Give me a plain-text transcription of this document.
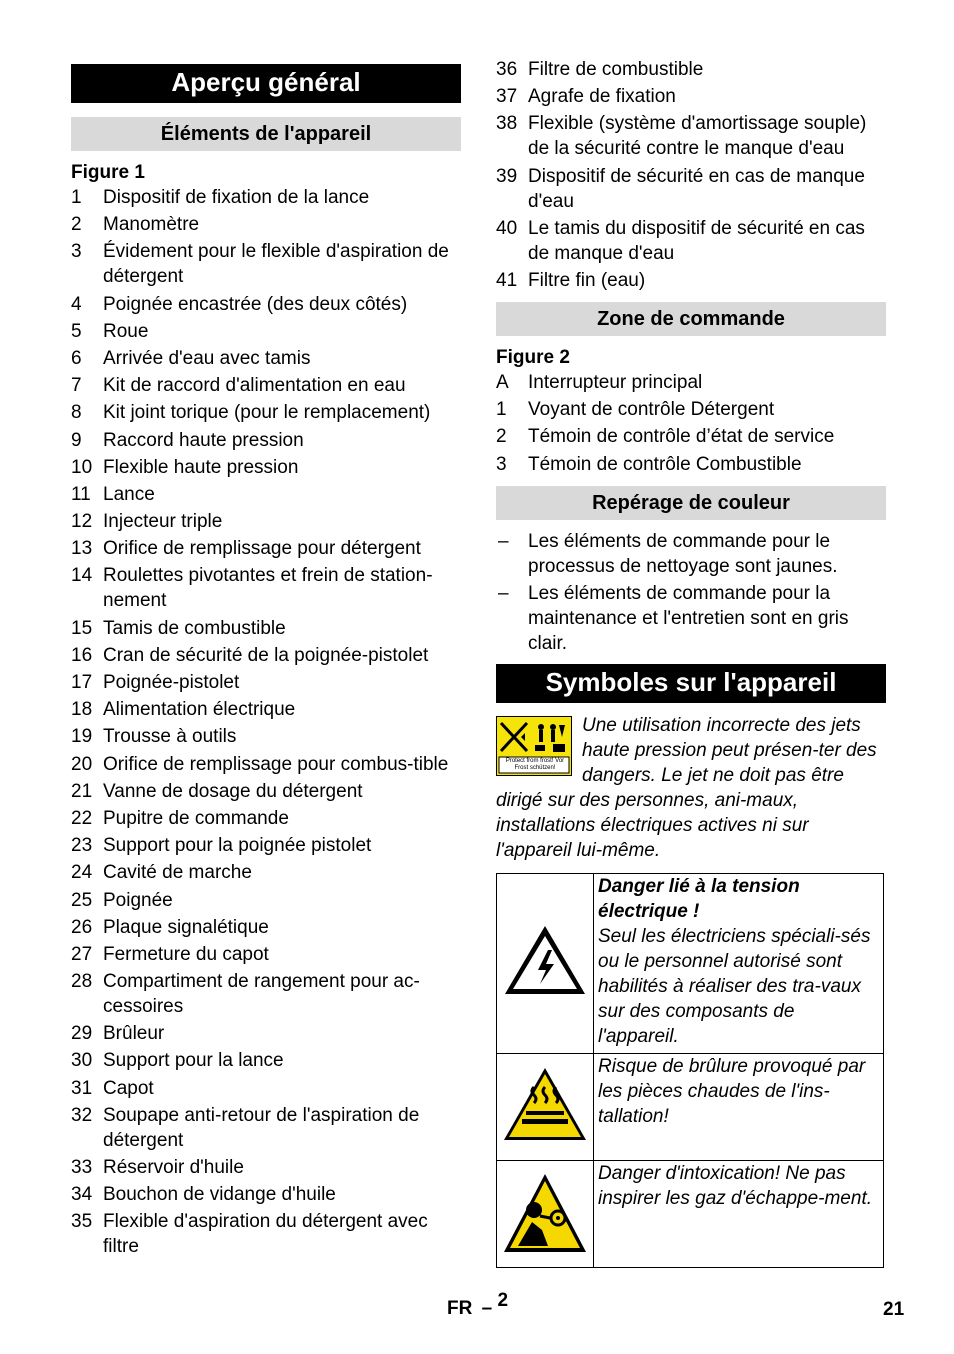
Aperçu général
Éléments de l'appareil
Figure 1
1 Dispositif de fixation de la lance
2 Manomètre
3 Évidement pour le flexible d'aspiration de détergent
4 Poignée encastrée (des deux côtés)
5 Roue
6 Arrivée d'eau avec tamis
7 Kit de raccord d'alimentation en eau
8 Kit joint torique (pour le remplacement)
9 Raccord haute pression
10 Flexible haute pression
11 Lance
12 Injecteur triple
13 Orifice de remplissage pour détergent
14 Roulettes pivotantes et frein de station-nement
15 Tamis de combustible
16 Cran de sécurité de la poignée-pistolet
17 Poignée-pistolet
18 Alimentation électrique
19 Trousse à outils
20 Orifice de remplissage pour combus-tible
21 Vanne de dosage du détergent
22 Pupitre de commande
23 Support pour la poignée pistolet
24 Cavité de marche
25 Poignée
26 Plaque signalétique
27 Fermeture du capot
28 Compartiment de rangement pour ac-cessoires
29 Brûleur
30 Support pour la lance
31 Capot
32 Soupape anti-retour de l'aspiration de détergent
33 Réservoir d'huile
34 Bouchon de vidange d'huile
35 Flexible d'aspiration du détergent avec filtre
36 Filtre de combustible
37 Agrafe de fixation
38 Flexible (système d'amortissage souple) de la sécurité contre le manque d'eau
39 Dispositif de sécurité en cas de manque d'eau
40 Le tamis du dispositif de sécurité en cas de manque d'eau
41 Filtre fin (eau)
Zone de commande
Figure 2
A Interrupteur principal
1 Voyant de contrôle Détergent
2 Témoin de contrôle d’état de service
3 Témoin de contrôle Combustible
Repérage de couleur
– Les éléments de commande pour le processus de nettoyage sont jaunes.
– Les éléments de commande pour la maintenance et l'entretien sont en gris clair.
Symboles sur l'appareil
Protect from frost! Vor Frost schützen!
Une utilisation incorrecte des jets haute pression peut présen-ter des dangers. Le jet ne doit pas être dirigé sur des personnes, ani-maux, installations électriques actives ni sur l'appareil lui-même.

Danger lié à la tension électrique !
Seul les électriciens spéciali-sés ou le personnel autorisé sont habilités à réaliser des tra-vaux sur des composants de l'appareil.

Risque de brûlure provoqué par les pièces chaudes de l'ins-tallation!

Danger d'intoxication! Ne pas inspirer les gaz d'échappe-ment.
FR – 2	21
